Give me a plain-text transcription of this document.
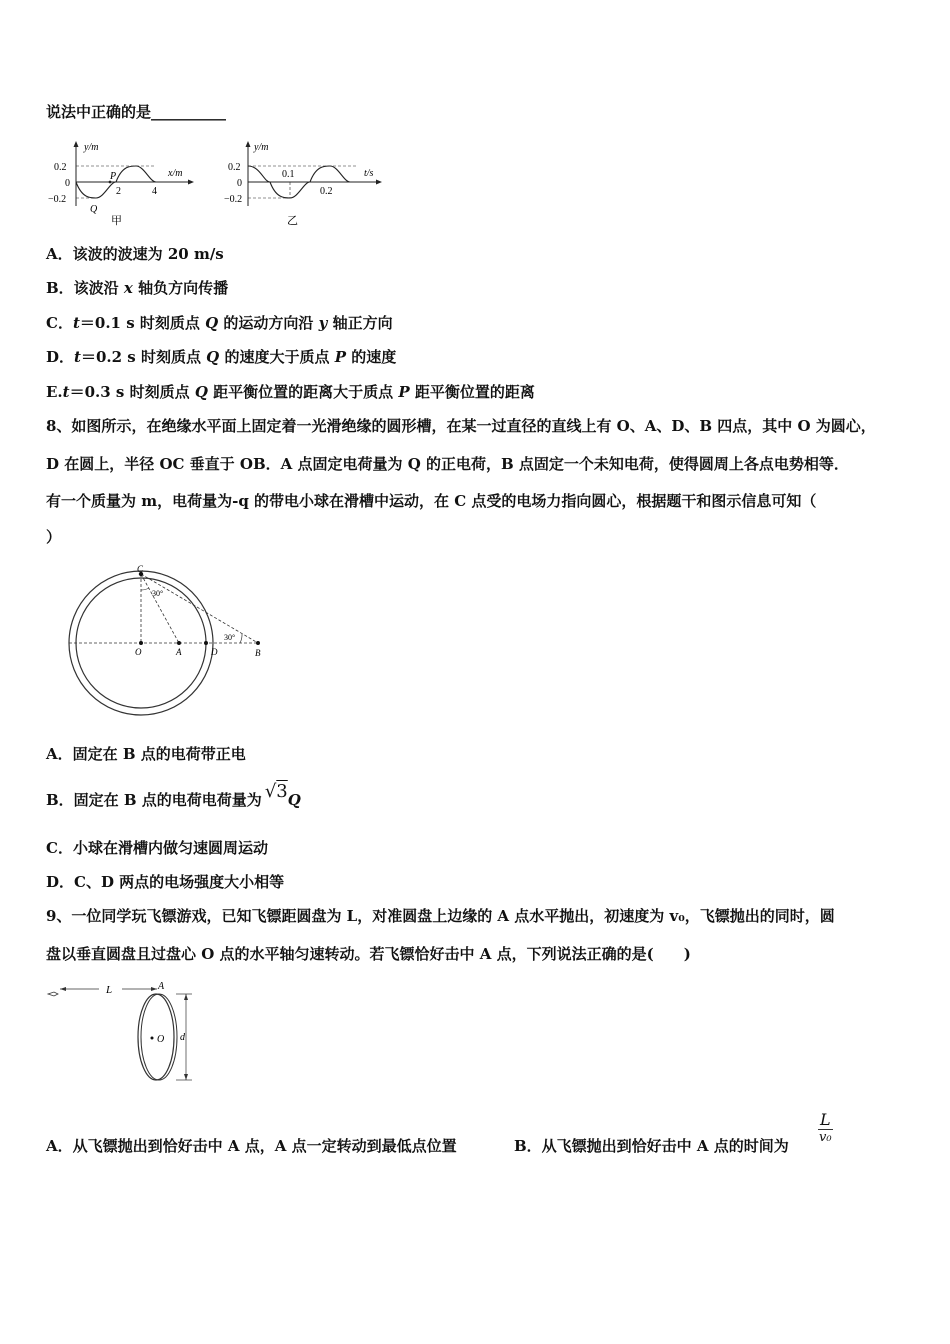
说法中正确的是__________
y/m
x/m
0.2
0
−0.2
2	4
P
Q
甲
y/m
t/s
0.2
0
−0.2
0.1
0.2
乙
A．该波的波速为 20 m/s
B．该波沿 x 轴负方向传播
C．t＝0.1 s 时刻质点 Q 的运动方向沿 y 轴正方向
D．t＝0.2 s 时刻质点 Q 的速度大于质点 P 的速度
E.t＝0.3 s 时刻质点 Q 距平衡位置的距离大于质点 P 距平衡位置的距离
8、如图所示，在绝缘水平面上固定着一光滑绝缘的圆形槽，在某一过直径的直线上有 O、A、D、B 四点，其中 O 为圆心，
D 在圆上，半径 OC 垂直于 OB．A 点固定电荷量为 Q 的正电荷，B 点固定一个未知电荷，使得圆周上各点电势相等．
有一个质量为 m，电荷量为-q 的带电小球在滑槽中运动，在 C 点受的电场力指向圆心，根据题干和图示信息可知（
）
C
30°
30°
O	A	D	B
A．固定在 B 点的电荷带正电
B．固定在 B 点的电荷电荷量为 √3Q
C．小球在滑槽内做匀速圆周运动
D．C、D 两点的电场强度大小相等
9、一位同学玩飞镖游戏，已知飞镖距圆盘为 L，对准圆盘上边缘的 A 点水平抛出，初速度为 v₀，飞镖抛出的同时，圆
盘以垂直圆盘且过盘心 O 点的水平轴匀速转动。若飞镖恰好击中 A 点，下列说法正确的是(　　)
L	A
O d
A．从飞镖抛出到恰好击中 A 点，A 点一定转动到最低点位置	B．从飞镖抛出到恰好击中 A 点的时间为
L
v₀
